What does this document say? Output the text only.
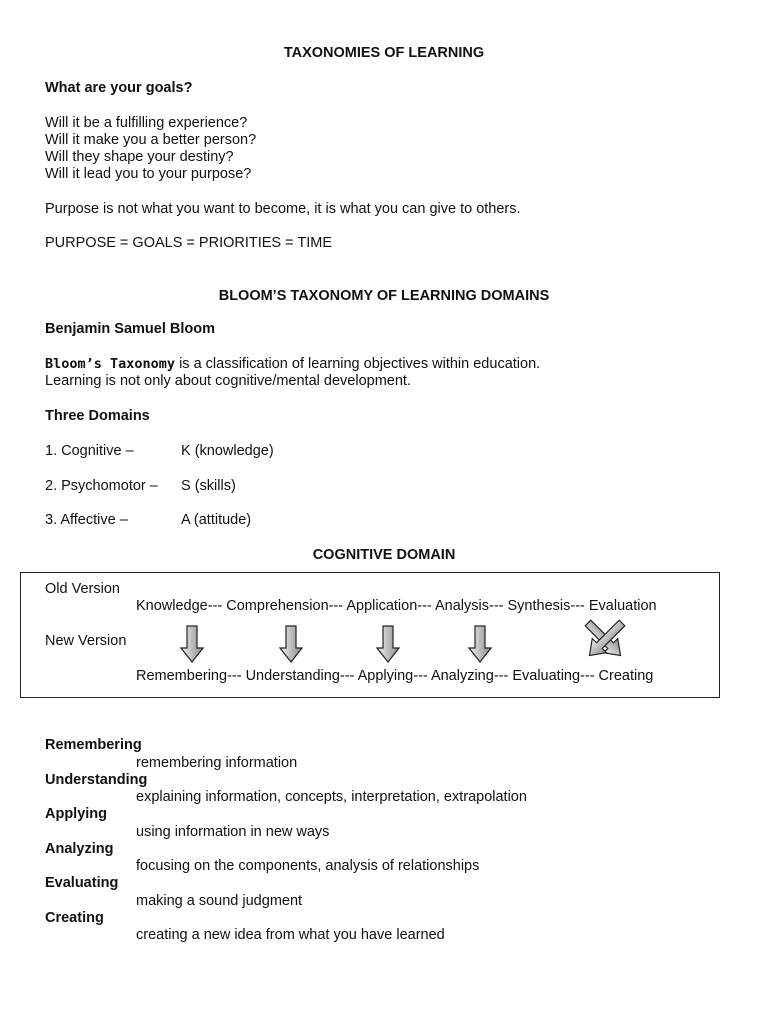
TAXONOMIES OF LEARNING
What are your goals?
Will it be a fulfilling experience?
Will it make you a better person?
Will they shape your destiny?
Will it lead you to your purpose?
Purpose is not what you want to become, it is what you can give to others.
PURPOSE = GOALS = PRIORITIES = TIME
BLOOM’S TAXONOMY OF LEARNING DOMAINS
Benjamin Samuel Bloom
Bloom’s Taxonomy is a classification of learning objectives within education.
Learning is not only about cognitive/mental development.
Three Domains
1. Cognitive –	K (knowledge)
2. Psychomotor – S (skills)
3. Affective –	A (attitude)
COGNITIVE DOMAIN
Old Version
Knowledge--- Comprehension--- Application--- Analysis--- Synthesis--- Evaluation
New Version
Remembering--- Understanding--- Applying--- Analyzing--- Evaluating--- Creating
Remembering
remembering information
Understanding
explaining information, concepts, interpretation, extrapolation
Applying
using information in new ways
Analyzing
focusing on the components, analysis of relationships
Evaluating
making a sound judgment
Creating
creating a new idea from what you have learned
